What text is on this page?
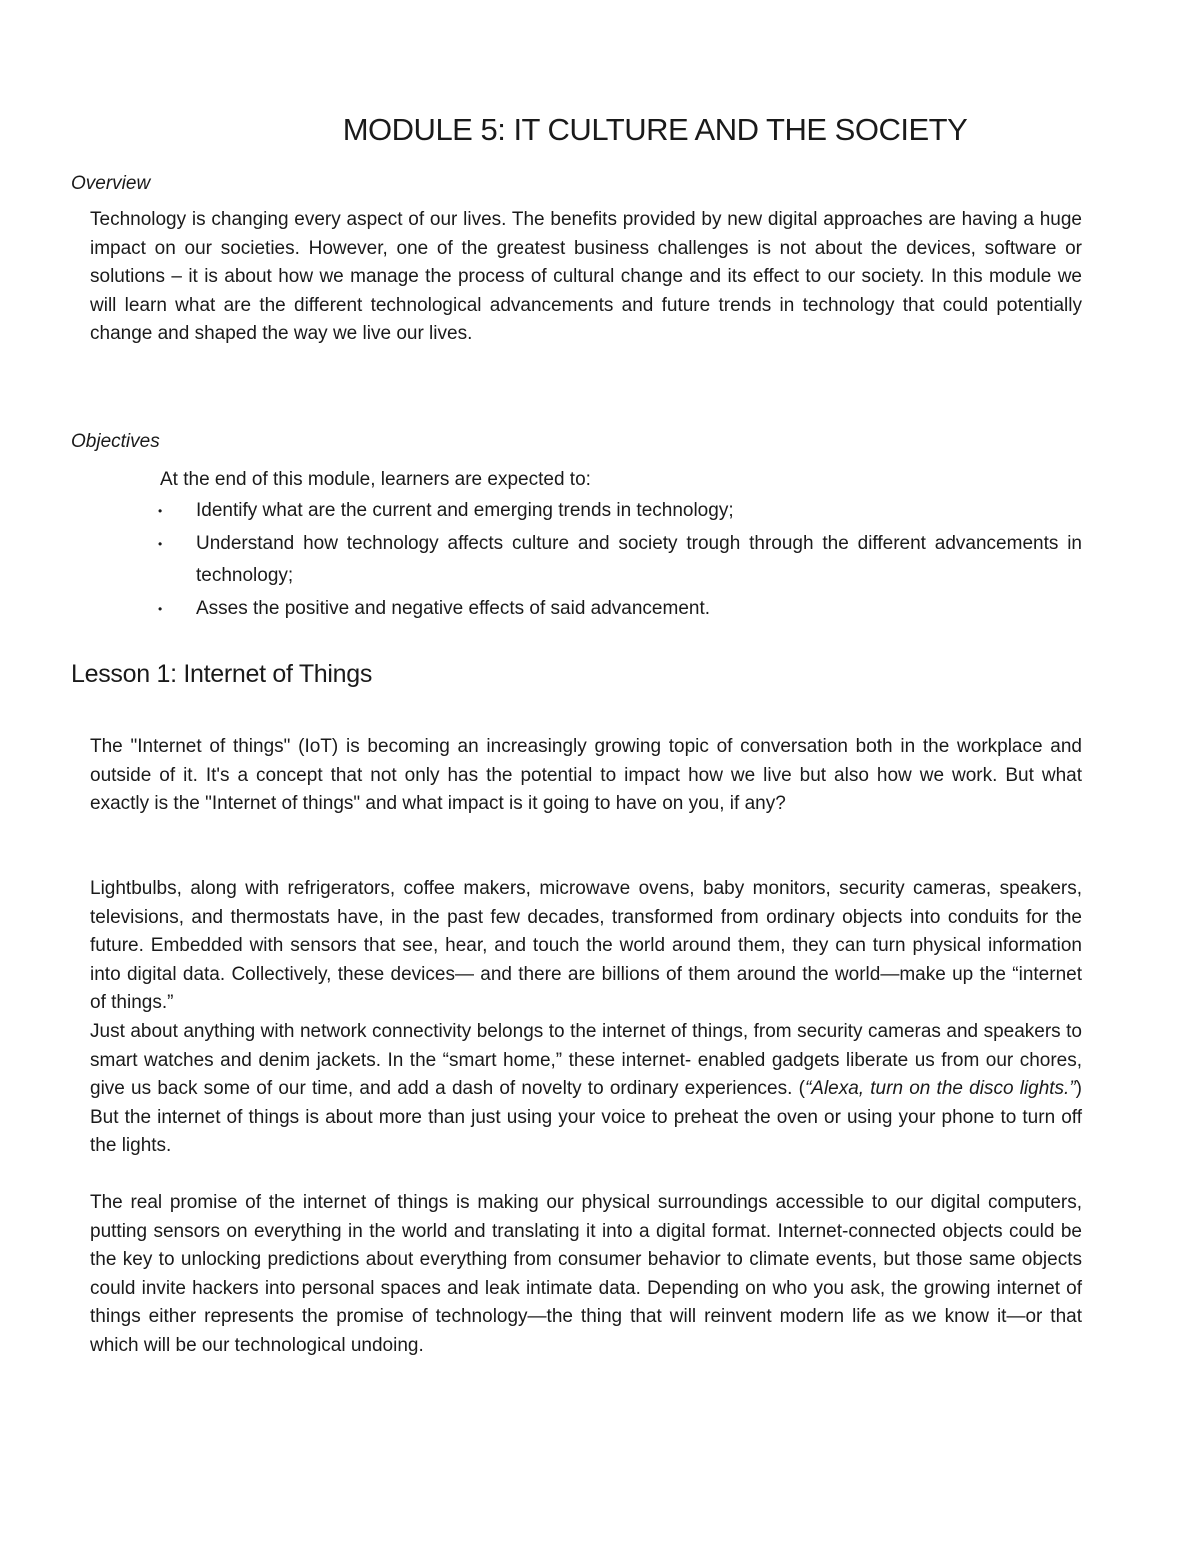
MODULE 5: IT CULTURE AND THE SOCIETY

Overview

Technology is changing every aspect of our lives. The benefits provided by new digital approaches are having a huge impact on our societies. However, one of the greatest business challenges is not about the devices, software or solutions – it is about how we manage the process of cultural change and its effect to our society. In this module we will learn what are the different technological advancements and future trends in technology that could potentially change and shaped the way we live our lives.

Objectives

At the end of this module, learners are expected to:

• Identify what are the current and emerging trends in technology;
• Understand how technology affects culture and society trough through the different advancements in technology;
• Asses the positive and negative effects of said advancement.
Lesson 1: Internet of Things

The "Internet of things" (IoT) is becoming an increasingly growing topic of conversation both in the workplace and outside of it. It's a concept that not only has the potential to impact how we live but also how we work. But what exactly is the "Internet of things" and what impact is it going to have on you, if any?

Lightbulbs, along with refrigerators, coffee makers, microwave ovens, baby monitors, security cameras, speakers, televisions, and thermostats have, in the past few decades, transformed from ordinary objects into conduits for the future. Embedded with sensors that see, hear, and touch the world around them, they can turn physical information into digital data. Collectively, these devices— and there are billions of them around the world—make up the “internet of things.”

Just about anything with network connectivity belongs to the internet of things, from security cameras and speakers to smart watches and denim jackets. In the “smart home,” these internet- enabled gadgets liberate us from our chores, give us back some of our time, and add a dash of novelty to ordinary experiences. (“Alexa, turn on the disco lights.”) But the internet of things is about more than just using your voice to preheat the oven or using your phone to turn off the lights.

The real promise of the internet of things is making our physical surroundings accessible to our digital computers, putting sensors on everything in the world and translating it into a digital format. Internet-connected objects could be the key to unlocking predictions about everything from consumer behavior to climate events, but those same objects could invite hackers into personal spaces and leak intimate data. Depending on who you ask, the growing internet of things either represents the promise of technology—the thing that will reinvent modern life as we know it—or that which will be our technological undoing.
